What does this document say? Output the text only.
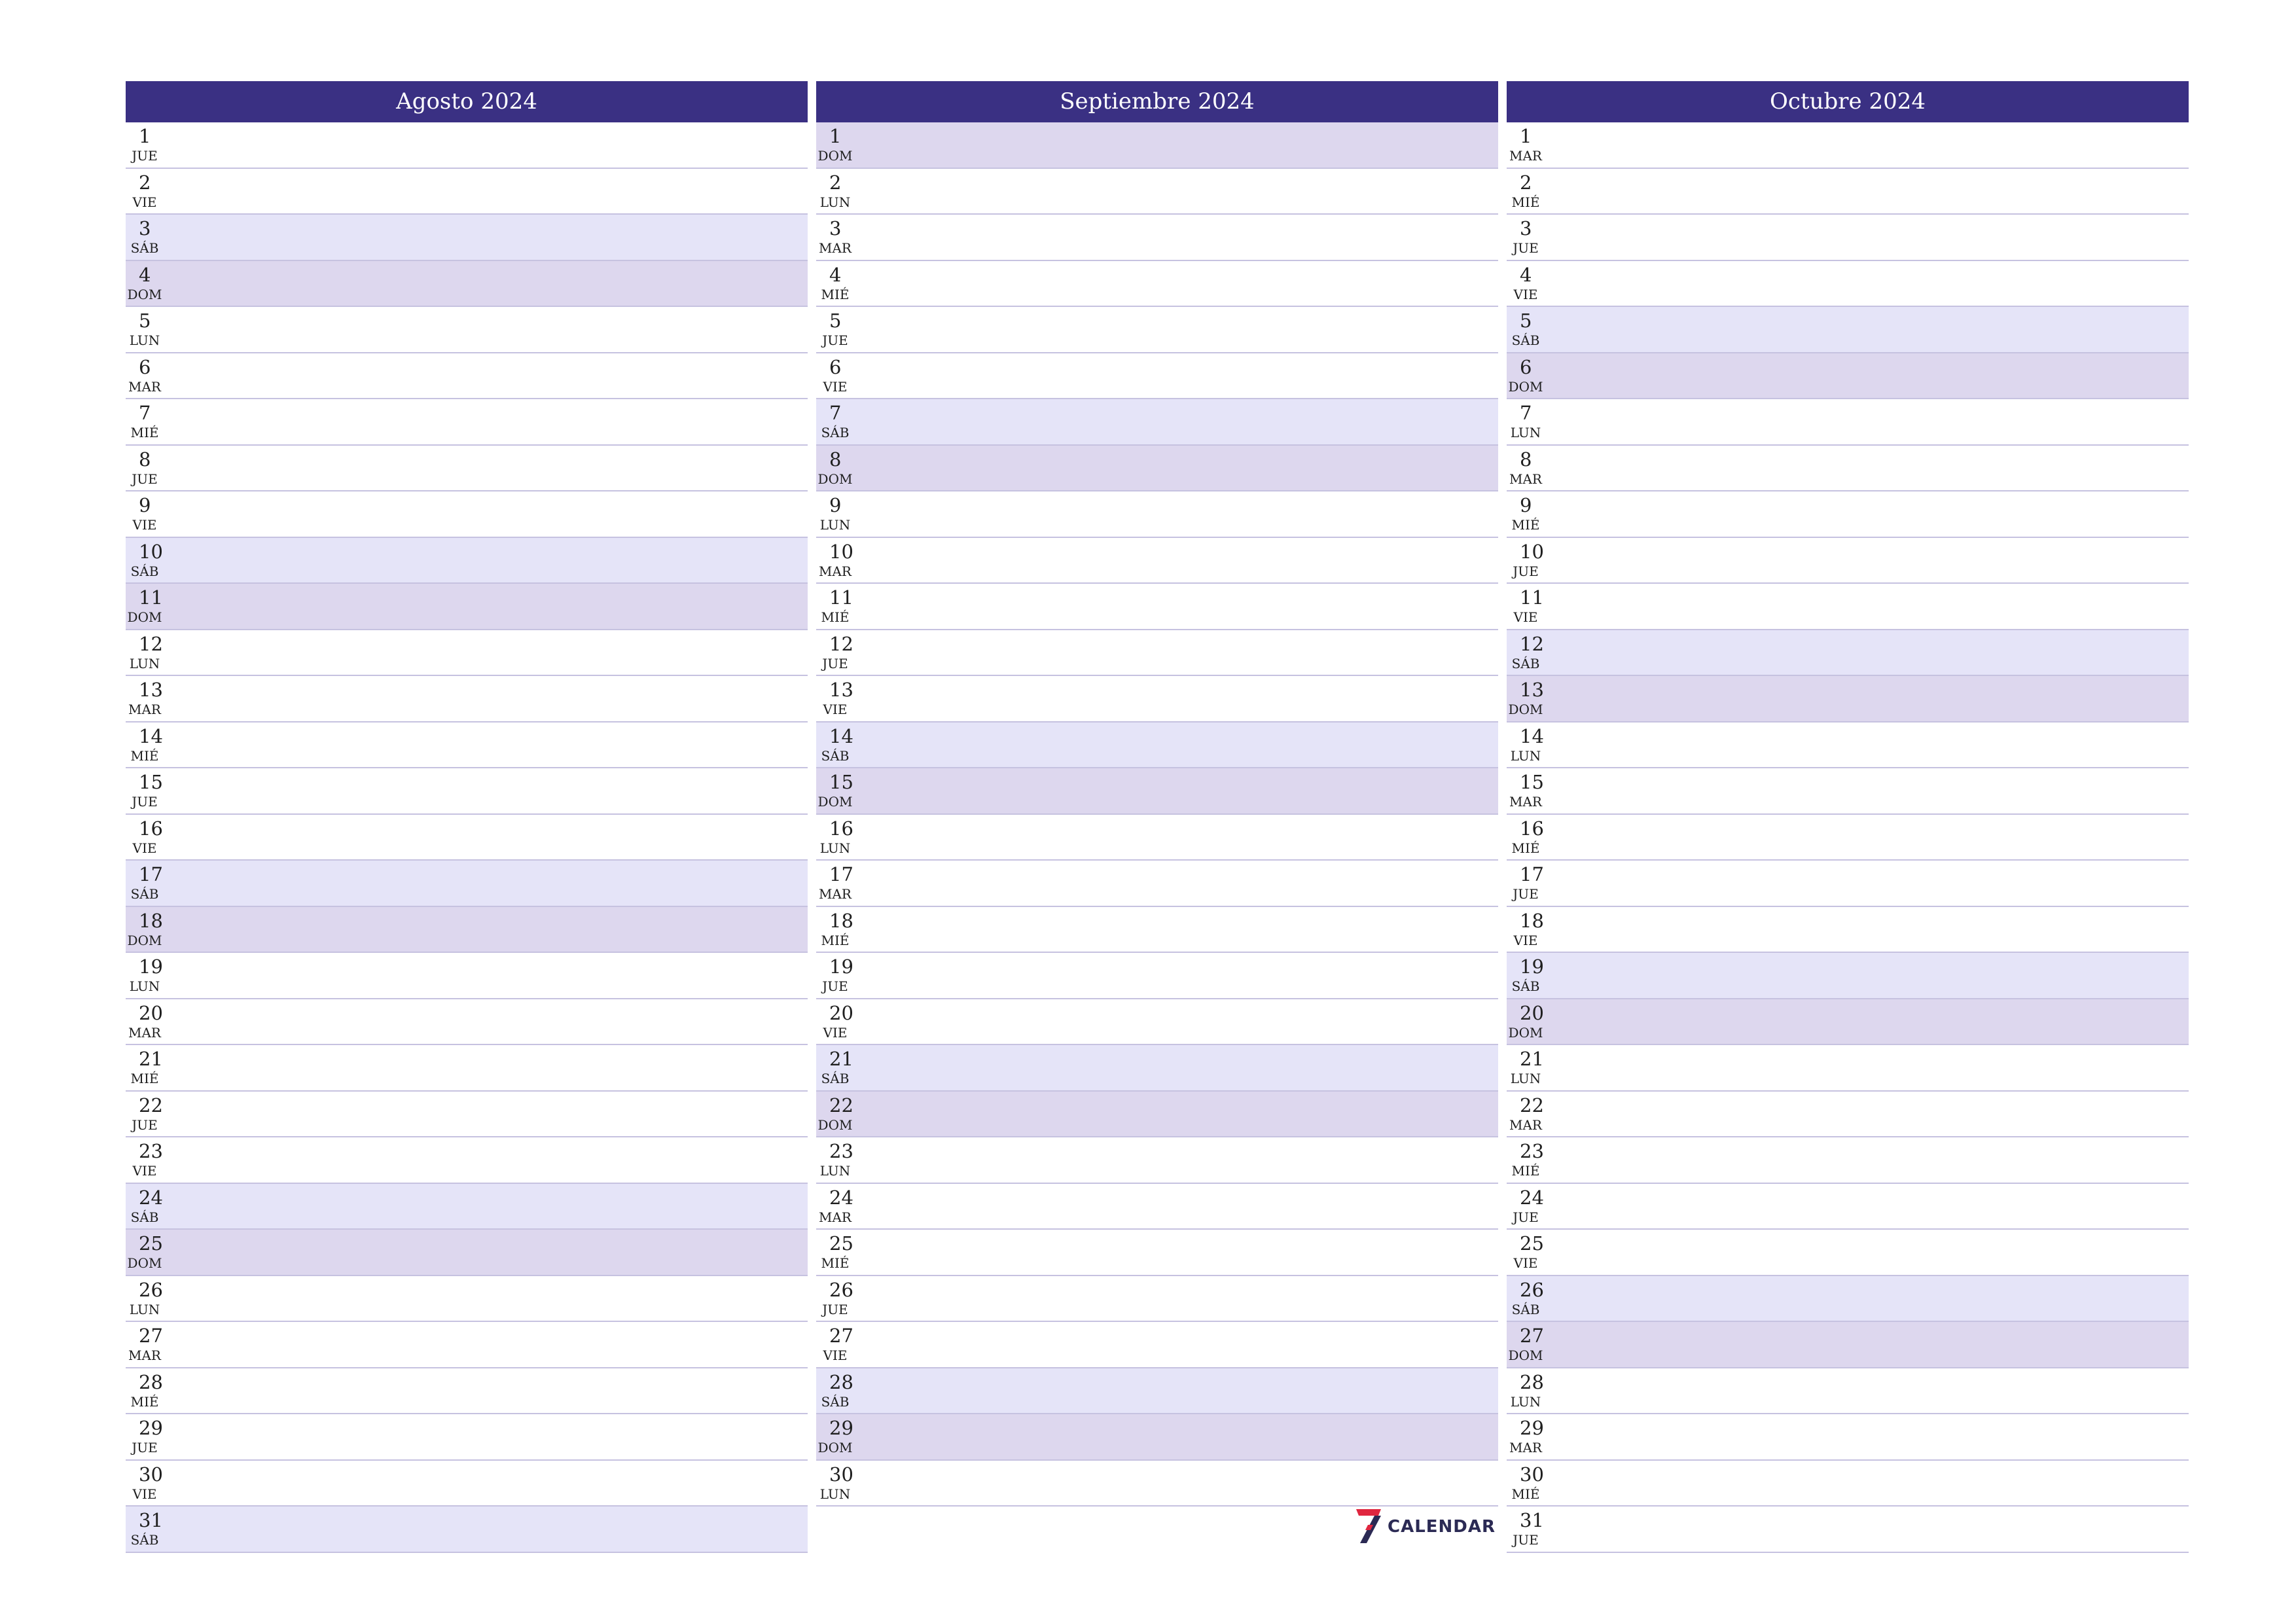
Agosto 2024
1
JUE
2
VIE
3
SÁB
4
DOM
5
LUN
6
MAR
7
MIÉ
8
JUE
9
VIE
10
SÁB
11
DOM
12
LUN
13
MAR
14
MIÉ
15
JUE
16
VIE
17
SÁB
18
DOM
19
LUN
20
MAR
21
MIÉ
22
JUE
23
VIE
24
SÁB
25
DOM
26
LUN
27
MAR
28
MIÉ
29
JUE
30
VIE
31
SÁB
Septiembre 2024
1
DOM
2
LUN
3
MAR
4
MIÉ
5
JUE
6
VIE
7
SÁB
8
DOM
9
LUN
10
MAR
11
MIÉ
12
JUE
13
VIE
14
SÁB
15
DOM
16
LUN
17
MAR
18
MIÉ
19
JUE
20
VIE
21
SÁB
22
DOM
23
LUN
24
MAR
25
MIÉ
26
JUE
27
VIE
28
SÁB
29
DOM
30
LUN
Octubre 2024
1
MAR
2
MIÉ
3
JUE
4
VIE
5
SÁB
6
DOM
7
LUN
8
MAR
9
MIÉ
10
JUE
11
VIE
12
SÁB
13
DOM
14
LUN
15
MAR
16
MIÉ
17
JUE
18
VIE
19
SÁB
20
DOM
21
LUN
22
MAR
23
MIÉ
24
JUE
25
VIE
26
SÁB
27
DOM
28
LUN
29
MAR
30
MIÉ
31
JUE
CALENDAR
